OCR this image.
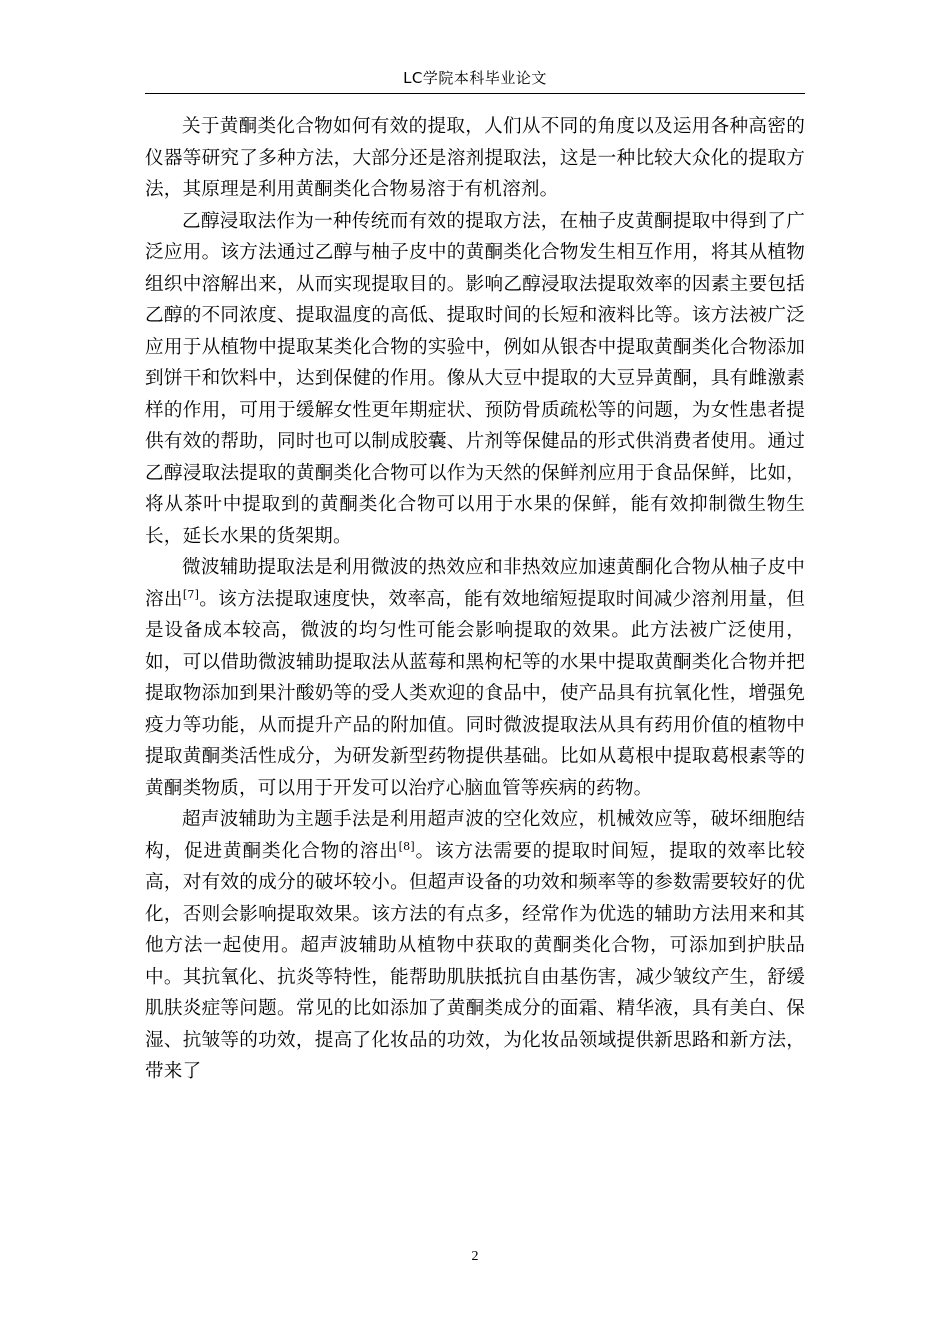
LC学院本科毕业论文

关于黄酮类化合物如何有效的提取，人们从不同的角度以及运用各种高密的仪器等研究了多种方法，大部分还是溶剂提取法，这是一种比较大众化的提取方法，其原理是利用黄酮类化合物易溶于有机溶剂。

乙醇浸取法作为一种传统而有效的提取方法，在柚子皮黄酮提取中得到了广泛应用。该方法通过乙醇与柚子皮中的黄酮类化合物发生相互作用，将其从植物组织中溶解出来，从而实现提取目的。影响乙醇浸取法提取效率的因素主要包括乙醇的不同浓度、提取温度的高低、提取时间的长短和液料比等。该方法被广泛应用于从植物中提取某类化合物的实验中，例如从银杏中提取黄酮类化合物添加到饼干和饮料中，达到保健的作用。像从大豆中提取的大豆异黄酮，具有雌激素样的作用，可用于缓解女性更年期症状、预防骨质疏松等的问题，为女性患者提供有效的帮助，同时也可以制成胶囊、片剂等保健品的形式供消费者使用。通过乙醇浸取法提取的黄酮类化合物可以作为天然的保鲜剂应用于食品保鲜，比如，将从茶叶中提取到的黄酮类化合物可以用于水果的保鲜，能有效抑制微生物生长，延长水果的货架期。

微波辅助提取法是利用微波的热效应和非热效应加速黄酮化合物从柚子皮中溶出[7]。该方法提取速度快，效率高，能有效地缩短提取时间减少溶剂用量，但是设备成本较高，微波的均匀性可能会影响提取的效果。此方法被广泛使用，如，可以借助微波辅助提取法从蓝莓和黑枸杞等的水果中提取黄酮类化合物并把提取物添加到果汁酸奶等的受人类欢迎的食品中，使产品具有抗氧化性，增强免疫力等功能，从而提升产品的附加值。同时微波提取法从具有药用价值的植物中提取黄酮类活性成分，为研发新型药物提供基础。比如从葛根中提取葛根素等的黄酮类物质，可以用于开发可以治疗心脑血管等疾病的药物。

超声波辅助为主题手法是利用超声波的空化效应，机械效应等，破坏细胞结构，促进黄酮类化合物的溶出[8]。该方法需要的提取时间短，提取的效率比较高，对有效的成分的破坏较小。但超声设备的功效和频率等的参数需要较好的优化，否则会影响提取效果。该方法的有点多，经常作为优选的辅助方法用来和其他方法一起使用。超声波辅助从植物中获取的黄酮类化合物，可添加到护肤品中。其抗氧化、抗炎等特性，能帮助肌肤抵抗自由基伤害，减少皱纹产生，舒缓肌肤炎症等问题。常见的比如添加了黄酮类成分的面霜、精华液，具有美白、保湿、抗皱等的功效，提高了化妆品的功效，为化妆品领域提供新思路和新方法，带来了

2
